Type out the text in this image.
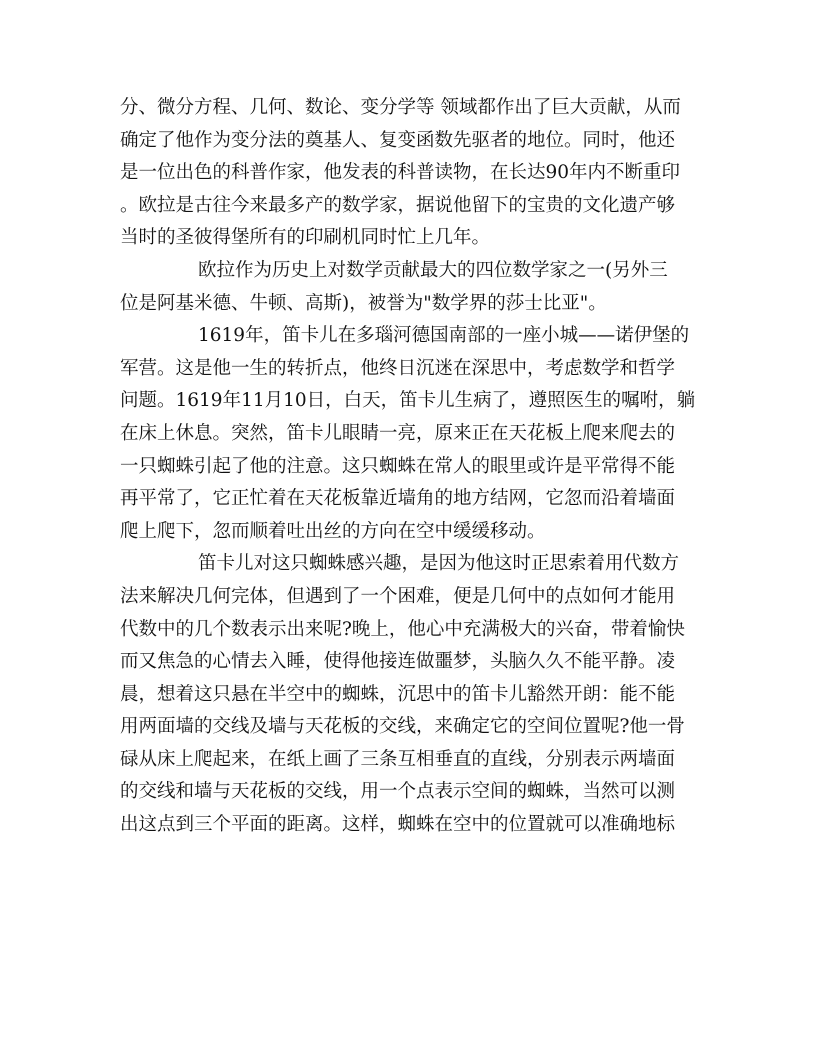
分、微分方程、几何、数论、变分学等 领域都作出了巨大贡献，从而
确定了他作为变分法的奠基人、复变函数先驱者的地位。同时，他还
是一位出色的科普作家，他发表的科普读物，在长达90年内不断重印
。欧拉是古往今来最多产的数学家，据说他留下的宝贵的文化遗产够
当时的圣彼得堡所有的印刷机同时忙上几年。
欧拉作为历史上对数学贡献最大的四位数学家之一(另外三
位是阿基米德、牛顿、高斯)，被誉为"数学界的莎士比亚"。
1619年，笛卡儿在多瑙河德国南部的一座小城——诺伊堡的
军营。这是他一生的转折点，他终日沉迷在深思中，考虑数学和哲学
问题。1619年11月10日，白天，笛卡儿生病了，遵照医生的嘱咐，躺
在床上休息。突然，笛卡儿眼睛一亮，原来正在天花板上爬来爬去的
一只蜘蛛引起了他的注意。这只蜘蛛在常人的眼里或许是平常得不能
再平常了，它正忙着在天花板靠近墙角的地方结网，它忽而沿着墙面
爬上爬下，忽而顺着吐出丝的方向在空中缓缓移动。
笛卡儿对这只蜘蛛感兴趣，是因为他这时正思索着用代数方
法来解决几何完体，但遇到了一个困难，便是几何中的点如何才能用
代数中的几个数表示出来呢?晚上，他心中充满极大的兴奋，带着愉快
而又焦急的心情去入睡，使得他接连做噩梦，头脑久久不能平静。凌
晨，想着这只悬在半空中的蜘蛛，沉思中的笛卡儿豁然开朗：能不能
用两面墙的交线及墙与天花板的交线，来确定它的空间位置呢?他一骨
碌从床上爬起来，在纸上画了三条互相垂直的直线，分别表示两墙面
的交线和墙与天花板的交线，用一个点表示空间的蜘蛛，当然可以测
出这点到三个平面的距离。这样，蜘蛛在空中的位置就可以准确地标
